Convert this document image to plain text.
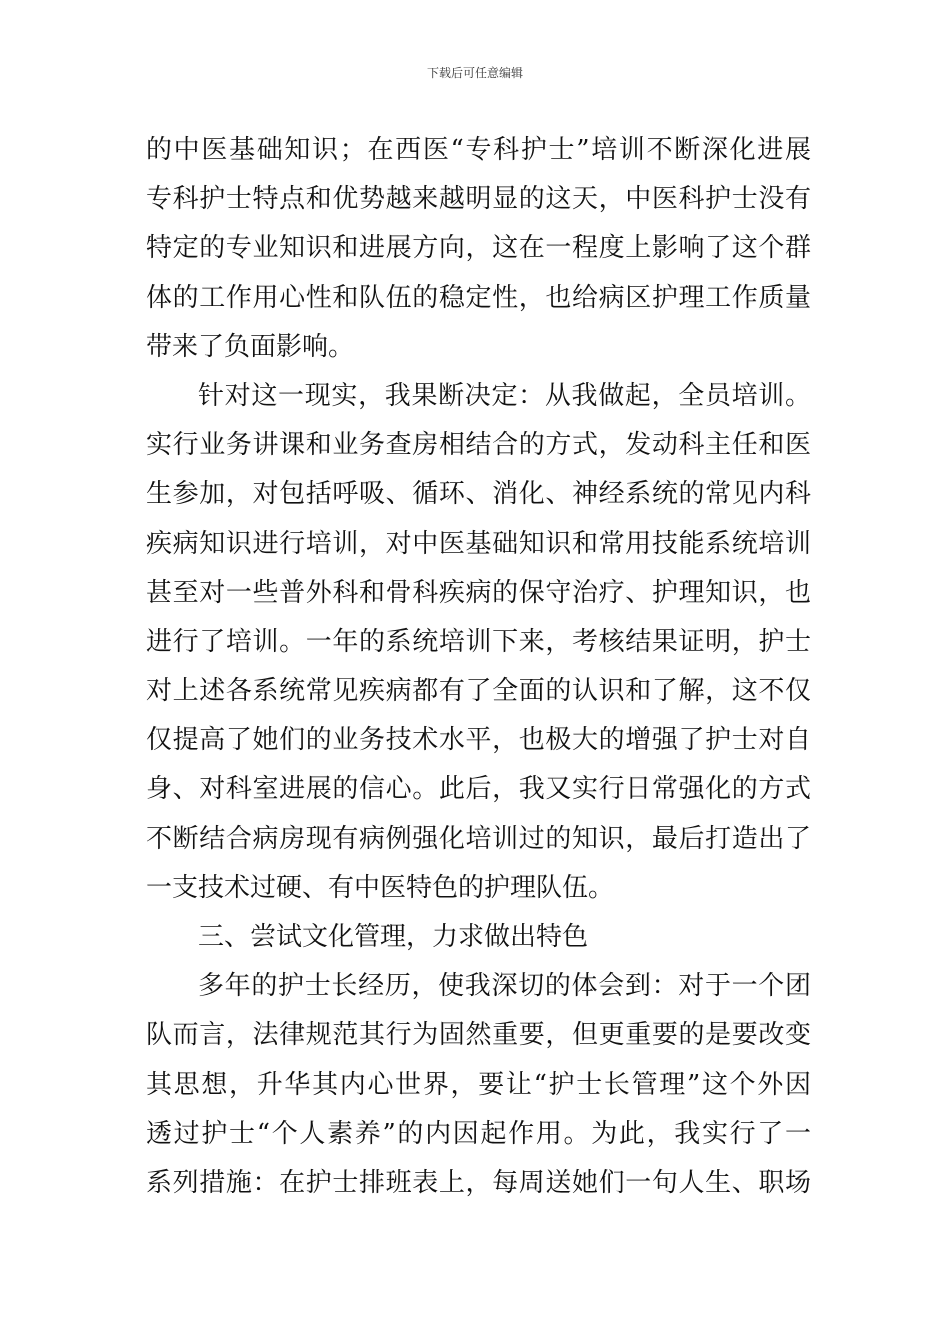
下载后可任意编辑
的中医基础知识；在西医“专科护士”培训不断深化进展
专科护士特点和优势越来越明显的这天，中医科护士没有
特定的专业知识和进展方向，这在一程度上影响了这个群
体的工作用心性和队伍的稳定性，也给病区护理工作质量
带来了负面影响。
针对这一现实，我果断决定：从我做起，全员培训。
实行业务讲课和业务查房相结合的方式，发动科主任和医
生参加，对包括呼吸、循环、消化、神经系统的常见内科
疾病知识进行培训，对中医基础知识和常用技能系统培训
甚至对一些普外科和骨科疾病的保守治疗、护理知识，也
进行了培训。一年的系统培训下来，考核结果证明，护士
对上述各系统常见疾病都有了全面的认识和了解，这不仅
仅提高了她们的业务技术水平，也极大的增强了护士对自
身、对科室进展的信心。此后，我又实行日常强化的方式
不断结合病房现有病例强化培训过的知识，最后打造出了
一支技术过硬、有中医特色的护理队伍。
三、尝试文化管理，力求做出特色
多年的护士长经历，使我深切的体会到：对于一个团
队而言，法律规范其行为固然重要，但更重要的是要改变
其思想，升华其内心世界，要让“护士长管理”这个外因
透过护士“个人素养”的内因起作用。为此，我实行了一
系列措施：在护士排班表上，每周送她们一句人生、职场
